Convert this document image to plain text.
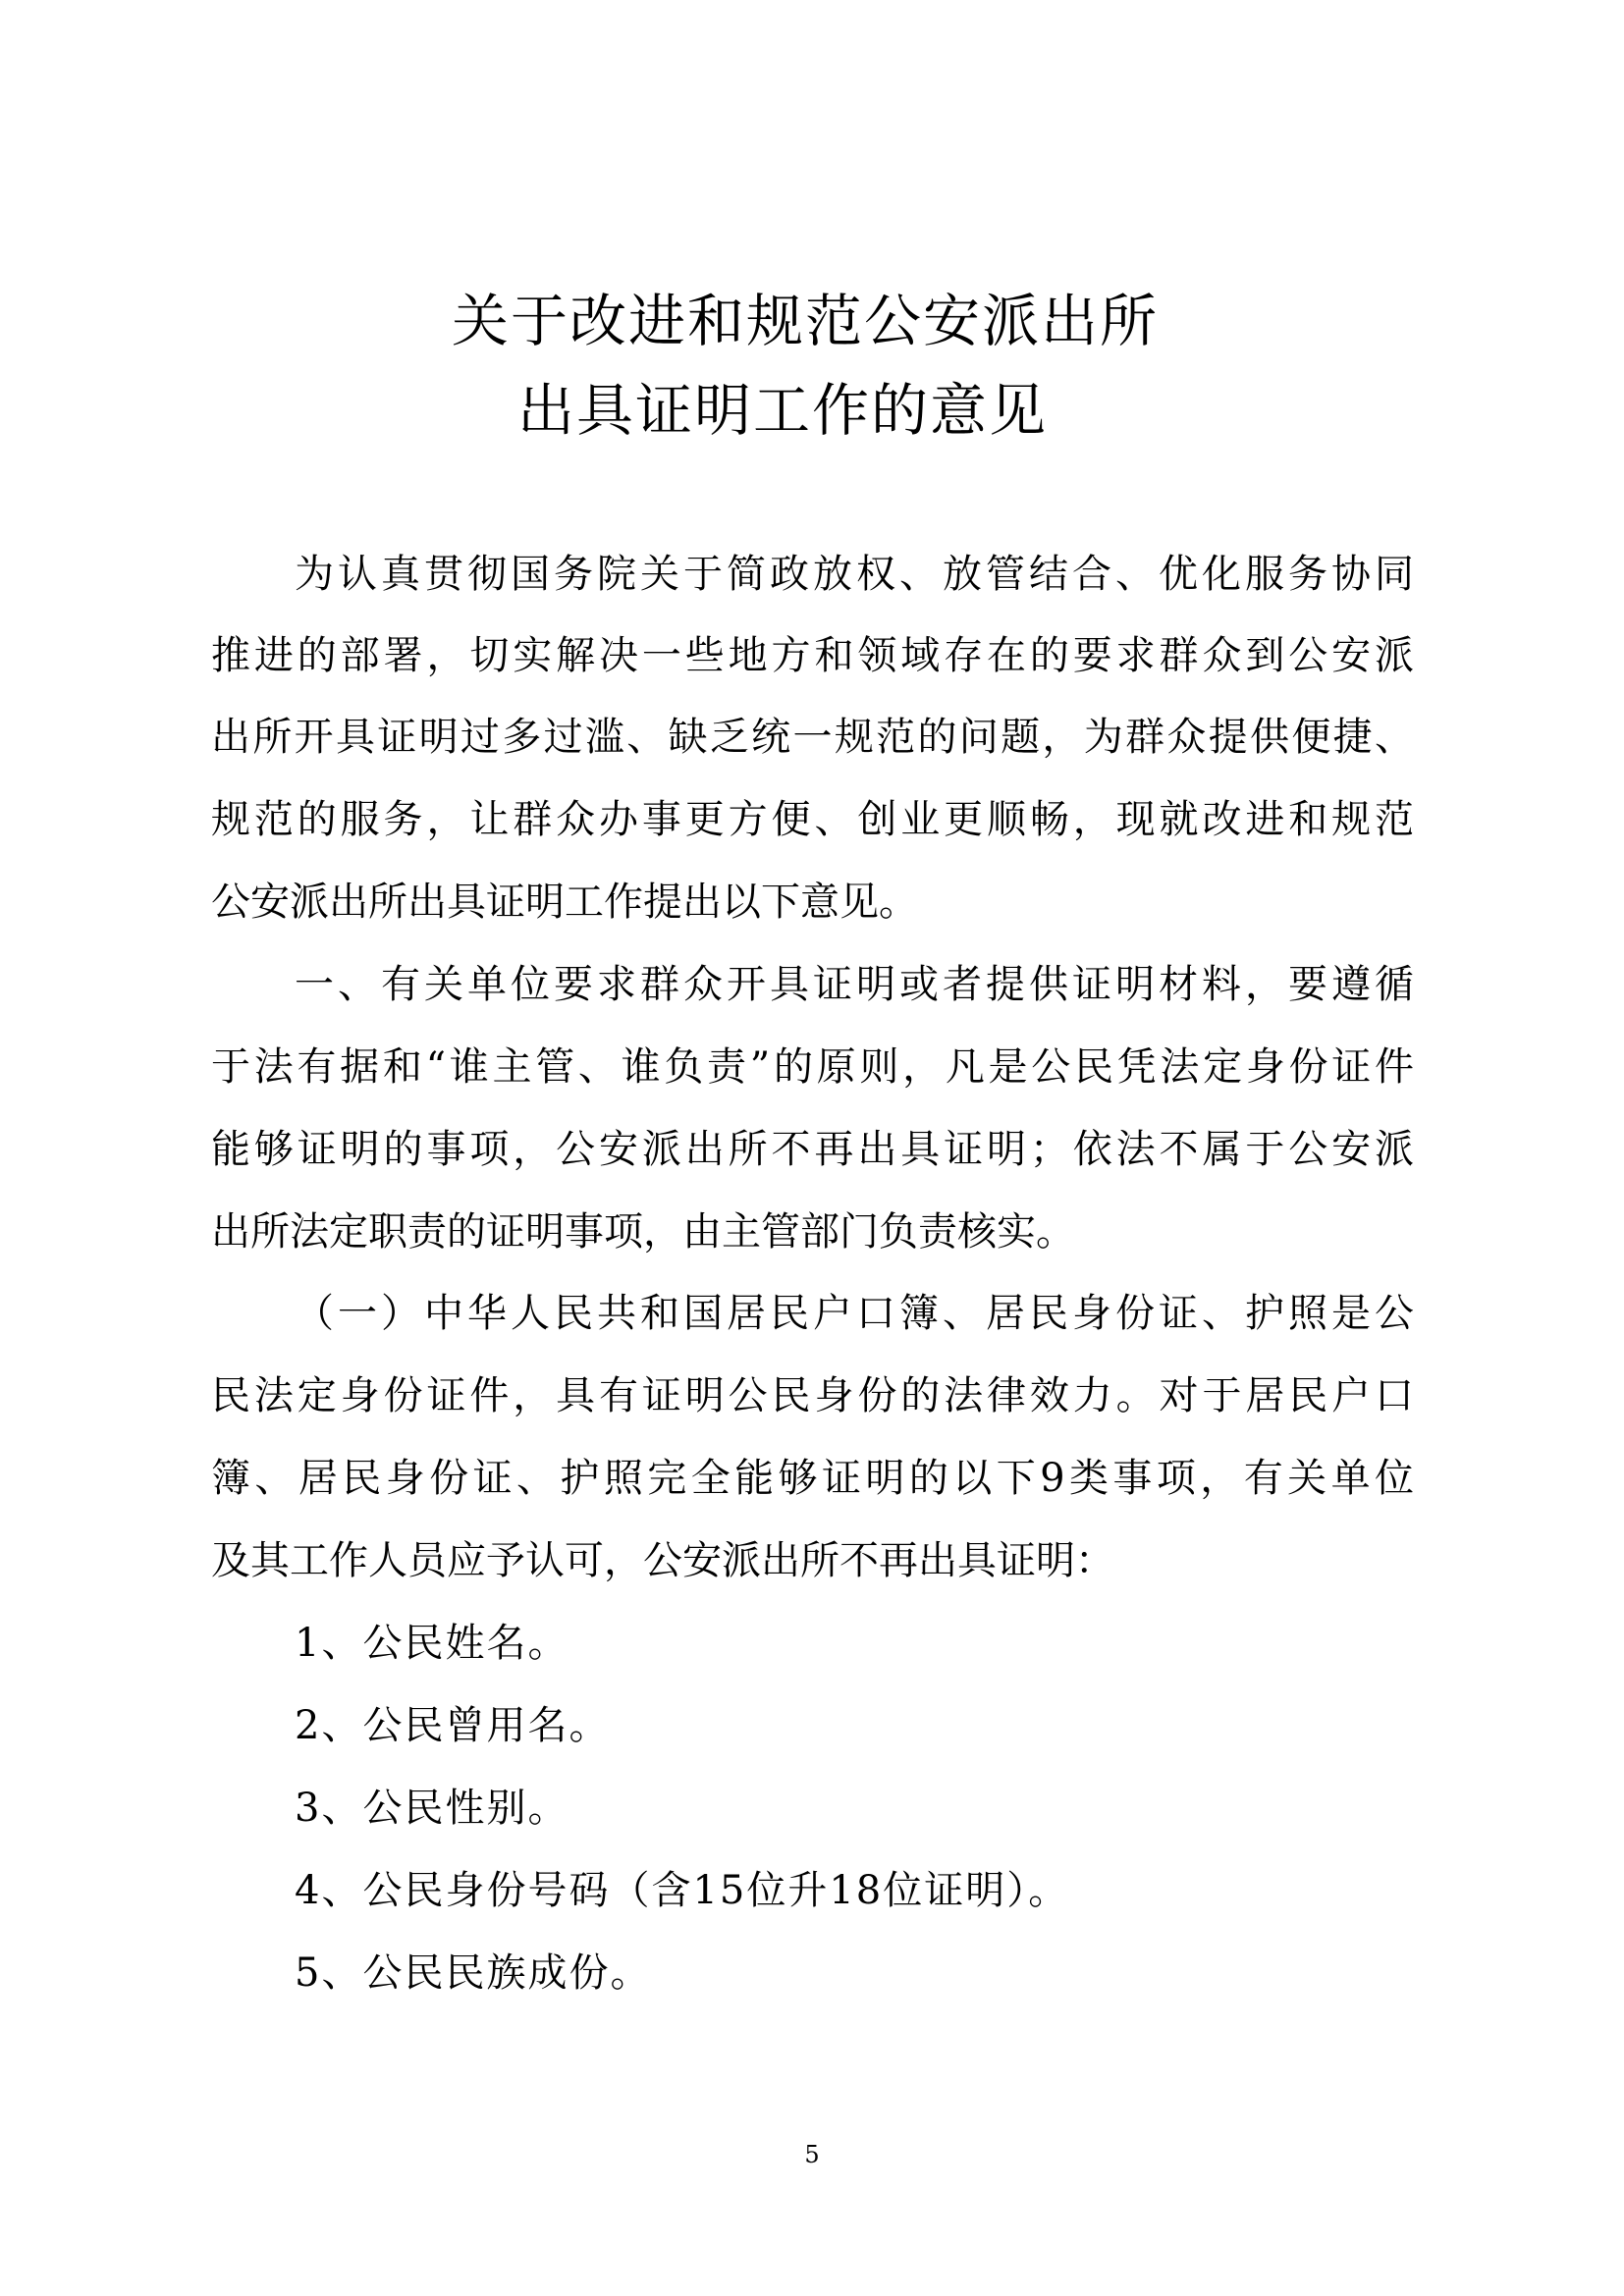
关于改进和规范公安派出所
出具证明工作的意见
为认真贯彻国务院关于简政放权、放管结合、优化服务协同
推进的部署，切实解决一些地方和领域存在的要求群众到公安派
出所开具证明过多过滥、缺乏统一规范的问题，为群众提供便捷、
规范的服务，让群众办事更方便、创业更顺畅，现就改进和规范
公安派出所出具证明工作提出以下意见。
一、有关单位要求群众开具证明或者提供证明材料，要遵循
于法有据和“谁主管、谁负责”的原则，凡是公民凭法定身份证件
能够证明的事项，公安派出所不再出具证明；依法不属于公安派
出所法定职责的证明事项，由主管部门负责核实。
（一）中华人民共和国居民户口簿、居民身份证、护照是公
民法定身份证件，具有证明公民身份的法律效力。对于居民户口
簿、居民身份证、护照完全能够证明的以下9类事项，有关单位
及其工作人员应予认可，公安派出所不再出具证明：
1、公民姓名。
2、公民曾用名。
3、公民性别。
4、公民身份号码（含15位升18位证明）。
5、公民民族成份。
5
